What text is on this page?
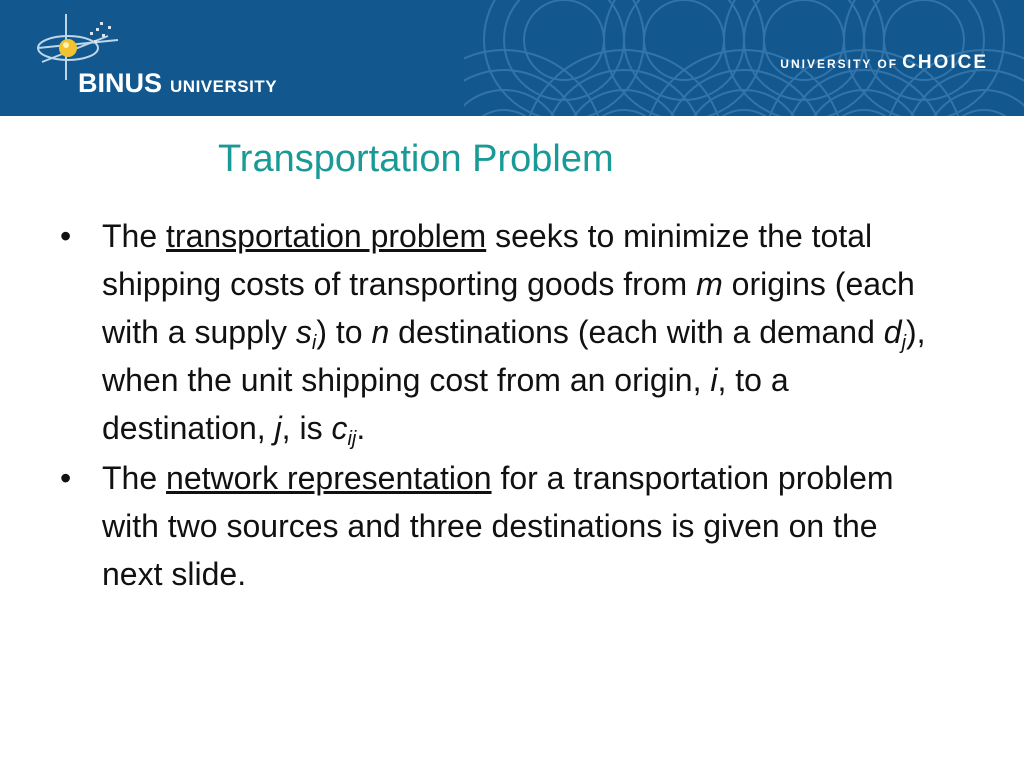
BINUS UNIVERSITY
UNIVERSITY OF CHOICE
Transportation Problem
• The transportation problem seeks to minimize the total shipping costs of transporting goods from m origins (each with a supply $s_i$) to n destinations (each with a demand $d_j$), when the unit shipping cost from an origin, i, to a destination, j, is $c_{ij}$.
• The network representation for a transportation problem with two sources and three destinations is given on the next slide.
